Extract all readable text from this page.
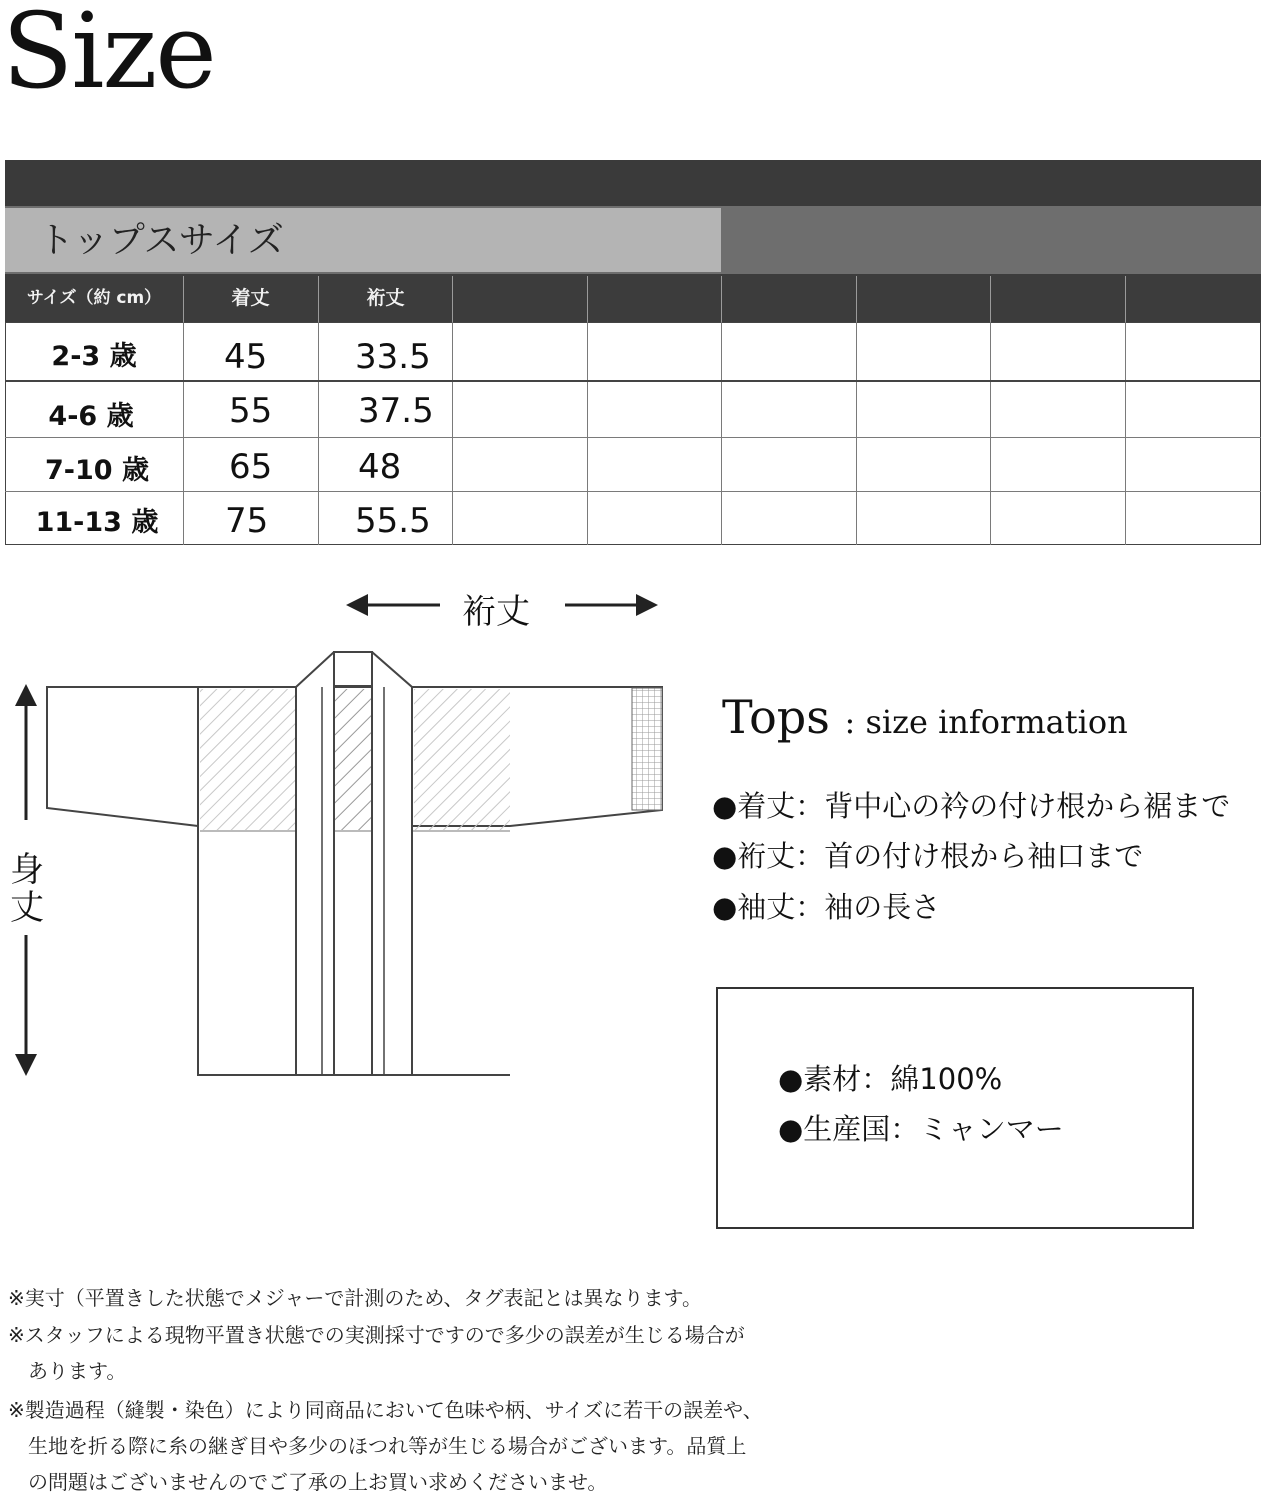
Size
トップスサイズ
サイズ（約 cm）	着丈	裄丈
2-3 歳	45	33.5
4-6 歳	55	37.5
7-10 歳	65	48
11-13 歳	75	55.5
裄丈
身
丈
Tops : size information
●着丈：背中心の衿の付け根から裾まで
●裄丈：首の付け根から袖口まで
●袖丈：袖の長さ
●素材：綿100%
●生産国：ミャンマー
※実寸（平置きした状態でメジャーで計測のため、タグ表記とは異なります。
※スタッフによる現物平置き状態での実測採寸ですので多少の誤差が生じる場合が
　あります。
※製造過程（縫製・染色）により同商品において色味や柄、サイズに若干の誤差や、
　生地を折る際に糸の継ぎ目や多少のほつれ等が生じる場合がございます。品質上
　の問題はございませんのでご了承の上お買い求めくださいませ。
